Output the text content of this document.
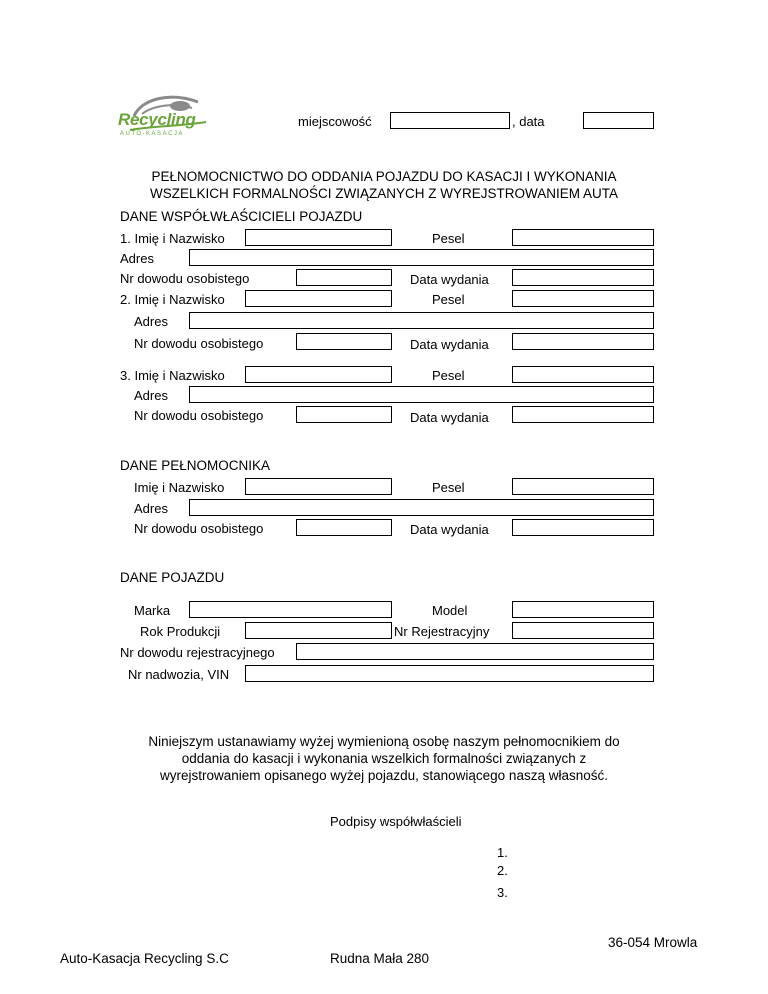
Recycling
AUTO-KASACJA
miejscowość	, data
PEŁNOMOCNICTWO DO ODDANIA POJAZDU DO KASACJI I WYKONANIA
WSZELKICH FORMALNOŚCI ZWIĄZANYCH Z WYREJSTROWANIEM AUTA
DANE WSPÓŁWŁAŚCICIELI POJAZDU
1. Imię i Nazwisko	Pesel
Adres
Nr dowodu osobistego	Data wydania
2. Imię i Nazwisko	Pesel
Adres
Nr dowodu osobistego	Data wydania
3. Imię i Nazwisko	Pesel
Adres
Nr dowodu osobistego	Data wydania
DANE PEŁNOMOCNIKA
Imię i Nazwisko	Pesel
Adres
Nr dowodu osobistego	Data wydania
DANE POJAZDU
Marka	Model
Rok Produkcji	Nr Rejestracyjny
Nr dowodu rejestracyjnego
Nr nadwozia, VIN
Niniejszym ustanawiamy wyżej wymienioną osobę naszym pełnomocnikiem do
oddania do kasacji i wykonania wszelkich formalności związanych z
wyrejstrowaniem opisanego wyżej pojazdu, stanowiącego naszą własność.
Podpisy współwłaścieli
1.
2.
3.
Auto-Kasacja Recycling S.C	Rudna Mała 280
36-054 Mrowla
